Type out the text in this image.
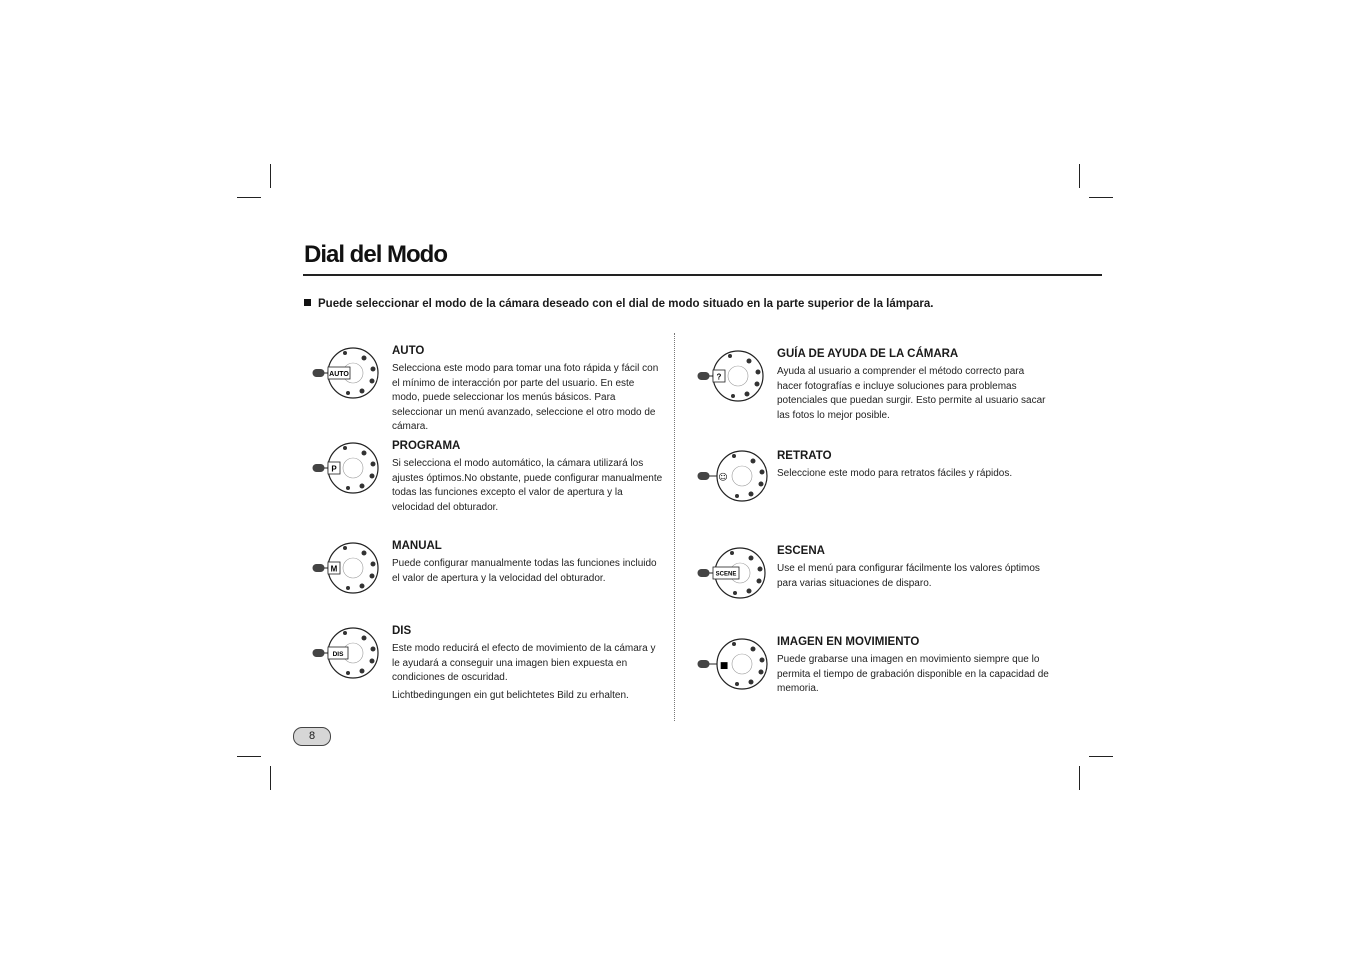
Dial del Modo
Puede seleccionar el modo de la cámara deseado con el dial de modo situado en la parte superior de la lámpara.
AUTO

AUTO

Selecciona este modo para tomar una foto rápida y fácil con el mínimo de interacción por parte del usuario. En este modo, puede seleccionar los menús básicos. Para seleccionar un menú avanzado, seleccione el otro modo de cámara.

P

PROGRAMA

Si selecciona el modo automático, la cámara utilizará los ajustes óptimos.No obstante, puede configurar manualmente todas las funciones excepto el valor de apertura y la velocidad del obturador.

M

MANUAL

Puede configurar manualmente todas las funciones incluido el valor de apertura y la velocidad del obturador.

DIS

DIS

Este modo reducirá el efecto de movimiento de la cámara y le ayudará a conseguir una imagen bien expuesta en condiciones de oscuridad.

Lichtbedingungen ein gut belichtetes Bild zu erhalten.

?

GUÍA DE AYUDA DE LA CÁMARA

Ayuda al usuario a comprender el método correcto para hacer fotografías e incluye soluciones para problemas potenciales que puedan surgir. Esto permite al usuario sacar las fotos lo mejor posible.

☺

RETRATO

Seleccione este modo para retratos fáciles y rápidos.

SCENE

ESCENA

Use el menú para configurar fácilmente los valores óptimos para varias situaciones de disparo.

■

IMAGEN EN MOVIMIENTO

Puede grabarse una imagen en movimiento siempre que lo permita el tiempo de grabación disponible en la capacidad de memoria.

8
